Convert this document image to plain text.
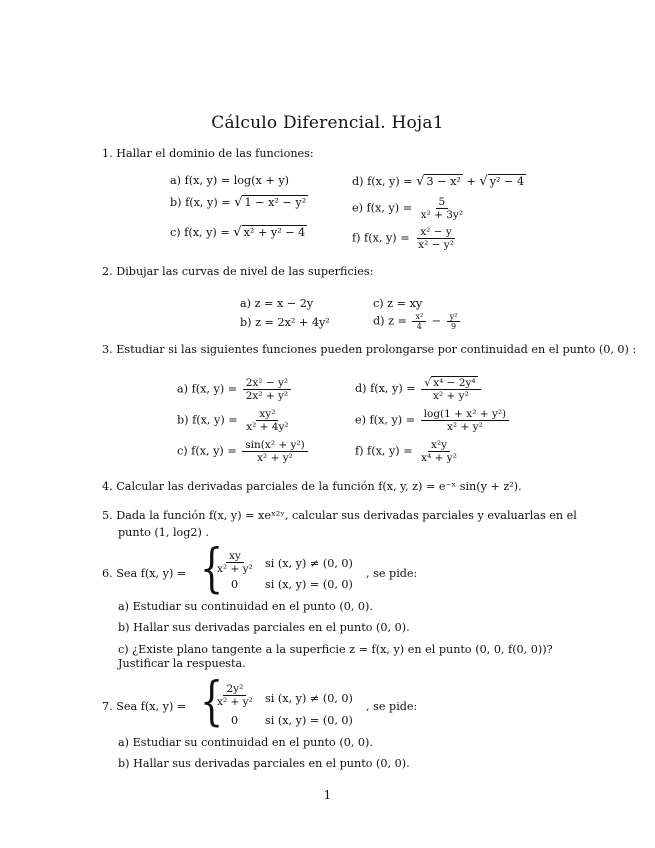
Cálculo Diferencial. Hoja1
1. Hallar el dominio de las funciones:
a) f(x, y) = log(x + y)
b) f(x, y) = √ 1 − x² − y²
c) f(x, y) = √ x² + y² − 4
d) f(x, y) = √ 3 − x² + √ y² − 4
e) f(x, $y) = \frac{5}{\text{x² + 3y²}}$
f) f(x, $y) = \frac{\text{x² − y}}{\text{x² − y²}}$
2. Dibujar las curvas de nivel de las superficies:
a) z = x − 2y
b) z = 2x² + 4y²
c) z = xy
d) $z = \frac{\text{x²}}{4} - \frac{\text{y²}}{9}$
3. Estudiar si las siguientes funciones pueden prolongarse por continuidad en el punto (0, 0) :
a) f(x, $y) = \frac{\text{2x² − y²}}{\text{2x² + y²}}$
b) f(x, $y) = \frac{\text{xy²}}{\text{x² + 4y²}}$
c) f(x, $y) = \frac{\text{sin(x² + y²)}}{\text{x² + y²}}$
d) f(x, $y) = \frac{\text{√ x⁴ − 2y⁴}}{\text{x² + y²}}$
e) f(x, $y) = \frac{\text{log(1 + x² + y²)}}{\text{x² + y²}}$
f) f(x, $y) = \frac{\text{x²y}}{\text{x⁴ + y²}}$
4. Calcular las derivadas parciales de la función f(x, y, z) = e⁻ˣ sin(y + z²).
5. Dada la función f(x, y) = xeˣ²ʸ, calcular sus derivadas parciales y evaluarlas en el
punto (1, log2) .
6. Sea f(x, y) = {
$\frac{xy}{\text{x² + y²}}$ si (x, y) ≠ (0, 0)
0 si (x, y) = (0, 0)
, se pide:
a) Estudiar su continuidad en el punto (0, 0).
b) Hallar sus derivadas parciales en el punto (0, 0).
c) ¿Existe plano tangente a la superficie z = f(x, y) en el punto (0, 0, f(0, 0))?
Justificar la respuesta.
7. Sea f(x, y) = {
$\frac{\text{2y²}}{\text{x² + y²}}$ si (x, y) ≠ (0, 0)
0 si (x, y) = (0, 0)
, se pide:
a) Estudiar su continuidad en el punto (0, 0).
b) Hallar sus derivadas parciales en el punto (0, 0).
1
